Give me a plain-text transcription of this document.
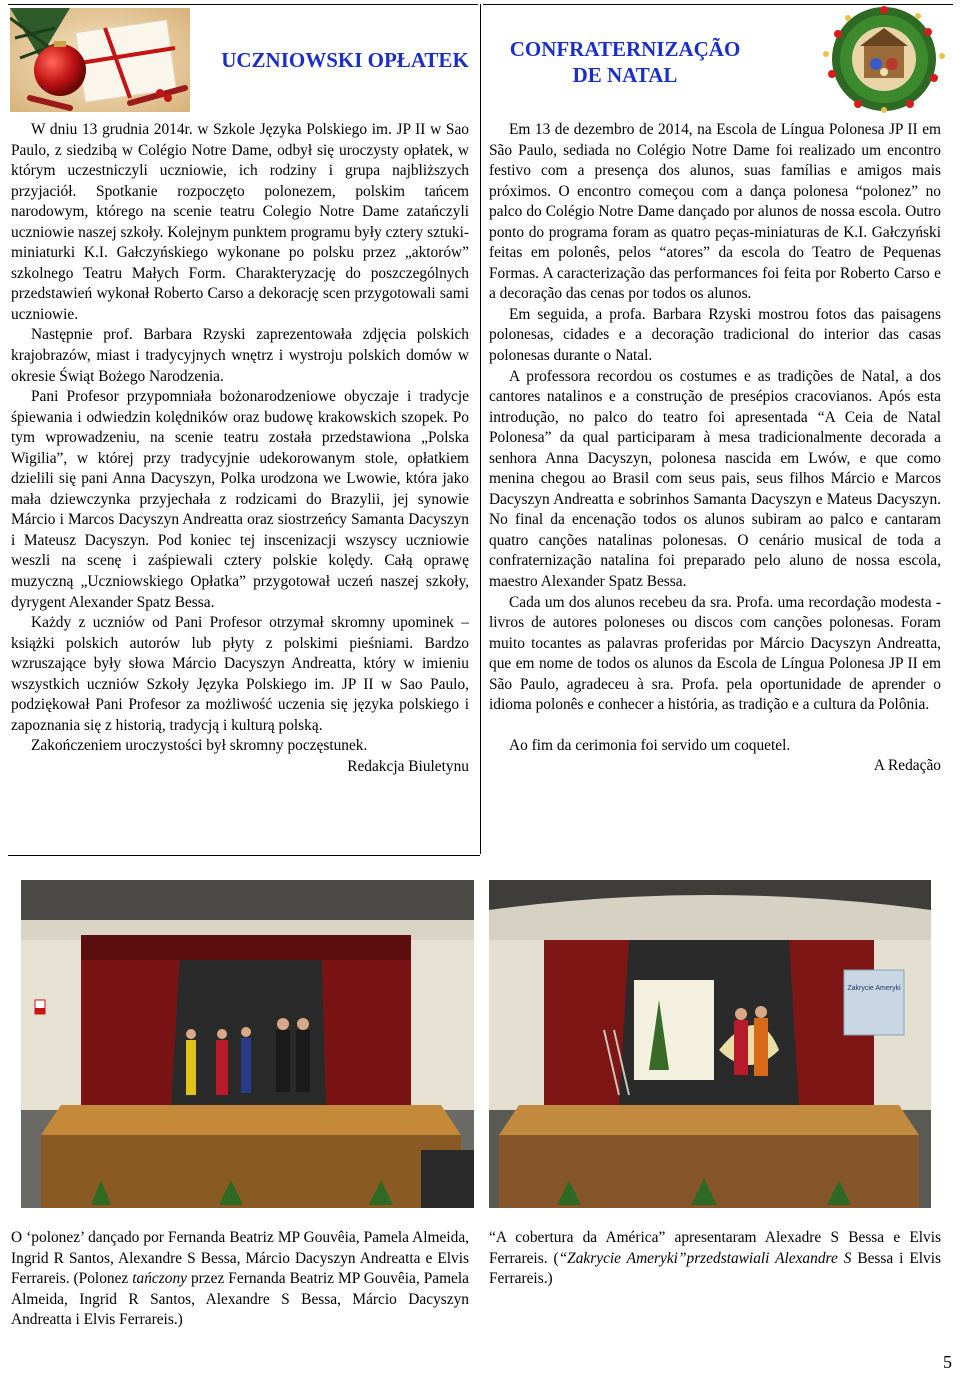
UCZNIOWSKI OPŁATEK	CONFRATERNIZAÇÃO
DE NATAL

W dniu 13 grudnia 2014r. w Szkole Języka Polskiego im. JP II w Sao Paulo, z siedzibą w Colégio Notre Dame, odbył się uroczysty opłatek, w którym uczestniczyli uczniowie, ich rodziny i grupa najbliższych przyjaciół. Spotkanie rozpoczęto polonezem, polskim tańcem narodowym, którego na scenie teatru Colegio Notre Dame zatańczyli uczniowie naszej szkoły. Kolejnym punktem programu były cztery sztuki-miniaturki K.I. Gałczyńskiego wykonane po polsku przez „aktorów” szkolnego Teatru Małych Form. Charakteryzację do poszczególnych przedstawień wykonał Roberto Carso a dekorację scen przygotowali sami uczniowie.

Następnie prof. Barbara Rzyski zaprezentowała zdjęcia polskich krajobrazów, miast i tradycyjnych wnętrz i wystroju polskich domów w okresie Świąt Bożego Narodzenia.

Pani Profesor przypomniała bożonarodzeniowe obyczaje i tradycje śpiewania i odwiedzin kolędników oraz budowę krakowskich szopek. Po tym wprowadzeniu, na scenie teatru została przedstawiona „Polska Wigilia”, w której przy tradycyjnie udekorowanym stole, opłatkiem dzielili się pani Anna Dacyszyn, Polka urodzona we Lwowie, która jako mała dziewczynka przyjechała z rodzicami do Brazylii, jej synowie Márcio i Marcos Dacyszyn Andreatta oraz siostrzeńcy Samanta Dacyszyn i Mateusz Dacyszyn. Pod koniec tej inscenizacji wszyscy uczniowie weszli na scenę i zaśpiewali cztery polskie kolędy. Całą oprawę muzyczną „Uczniowskiego Opłatka” przygotował uczeń naszej szkoły, dyrygent Alexander Spatz Bessa.

Każdy z uczniów od Pani Profesor otrzymał skromny upominek – książki polskich autorów lub płyty z polskimi pieśniami. Bardzo wzruszające były słowa Márcio Dacyszyn Andreatta, który w imieniu wszystkich uczniów Szkoły Języka Polskiego im. JP II w Sao Paulo, podziękował Pani Profesor za możliwość uczenia się języka polskiego i zapoznania się z historią, tradycją i kulturą polską.

Zakończeniem uroczystości był skromny poczęstunek.

Redakcja Biuletynu

Em 13 de dezembro de 2014, na Escola de Língua Polonesa JP II em São Paulo, sediada no Colégio Notre Dame foi realizado um encontro festivo com a presença dos alunos, suas famílias e amigos mais próximos. O encontro começou com a dança polonesa “polonez” no palco do Colégio Notre Dame dançado por alunos de nossa escola. Outro ponto do programa foram as quatro peças-miniaturas de K.I. Gałczyński feitas em polonês, pelos “atores” da escola do Teatro de Pequenas Formas. A caracterização das performances foi feita por Roberto Carso e a decoração das cenas por todos os alunos.

Em seguida, a profa. Barbara Rzyski mostrou fotos das paisagens polonesas, cidades e a decoração tradicional do interior das casas polonesas durante o Natal.

A professora recordou os costumes e as tradições de Natal, a dos cantores natalinos e a construção de presépios cracovianos. Após esta introdução, no palco do teatro foi apresentada “A Ceia de Natal Polonesa” da qual participaram à mesa tradicionalmente decorada a senhora Anna Dacyszyn, polonesa nascida em Lwów, e que como menina chegou ao Brasil com seus pais, seus filhos Márcio e Marcos Dacyszyn Andreatta e sobrinhos Samanta Dacyszyn e Mateus Dacyszyn. No final da encenação todos os alunos subiram ao palco e cantaram quatro canções natalinas polonesas. O cenário musical de toda a confraternização natalina foi preparado pelo aluno de nossa escola, maestro Alexander Spatz Bessa.

Cada um dos alunos recebeu da sra. Profa. uma recordação modesta - livros de autores poloneses ou discos com canções polonesas. Foram muito tocantes as palavras proferidas por Márcio Dacyszyn Andreatta, que em nome de todos os alunos da Escola de Língua Polonesa JP II em São Paulo, agradeceu à sra. Profa. pela oportunidade de aprender o idioma polonês e conhecer a história, as tradição e a cultura da Polônia.

Ao fim da cerimonia foi servido um coquetel.

A Redação

Zakrycie Ameryki
O ‘polonez’ dançado por Fernanda Beatriz MP Gouvêia, Pamela Almeida, Ingrid R Santos, Alexandre S Bessa, Márcio Dacyszyn Andreatta e Elvis Ferrareis. (Polonez tańczony przez Fernanda Beatriz MP Gouvêia, Pamela Almeida, Ingrid R Santos, Alexandre S Bessa, Márcio Dacyszyn Andreatta i Elvis Ferrareis.)
“A cobertura da América” apresentaram Alexadre S Bessa e Elvis Ferrareis. (“Zakrycie Ameryki”przedstawiali Alexandre S Bessa i Elvis Ferrareis.)
5
